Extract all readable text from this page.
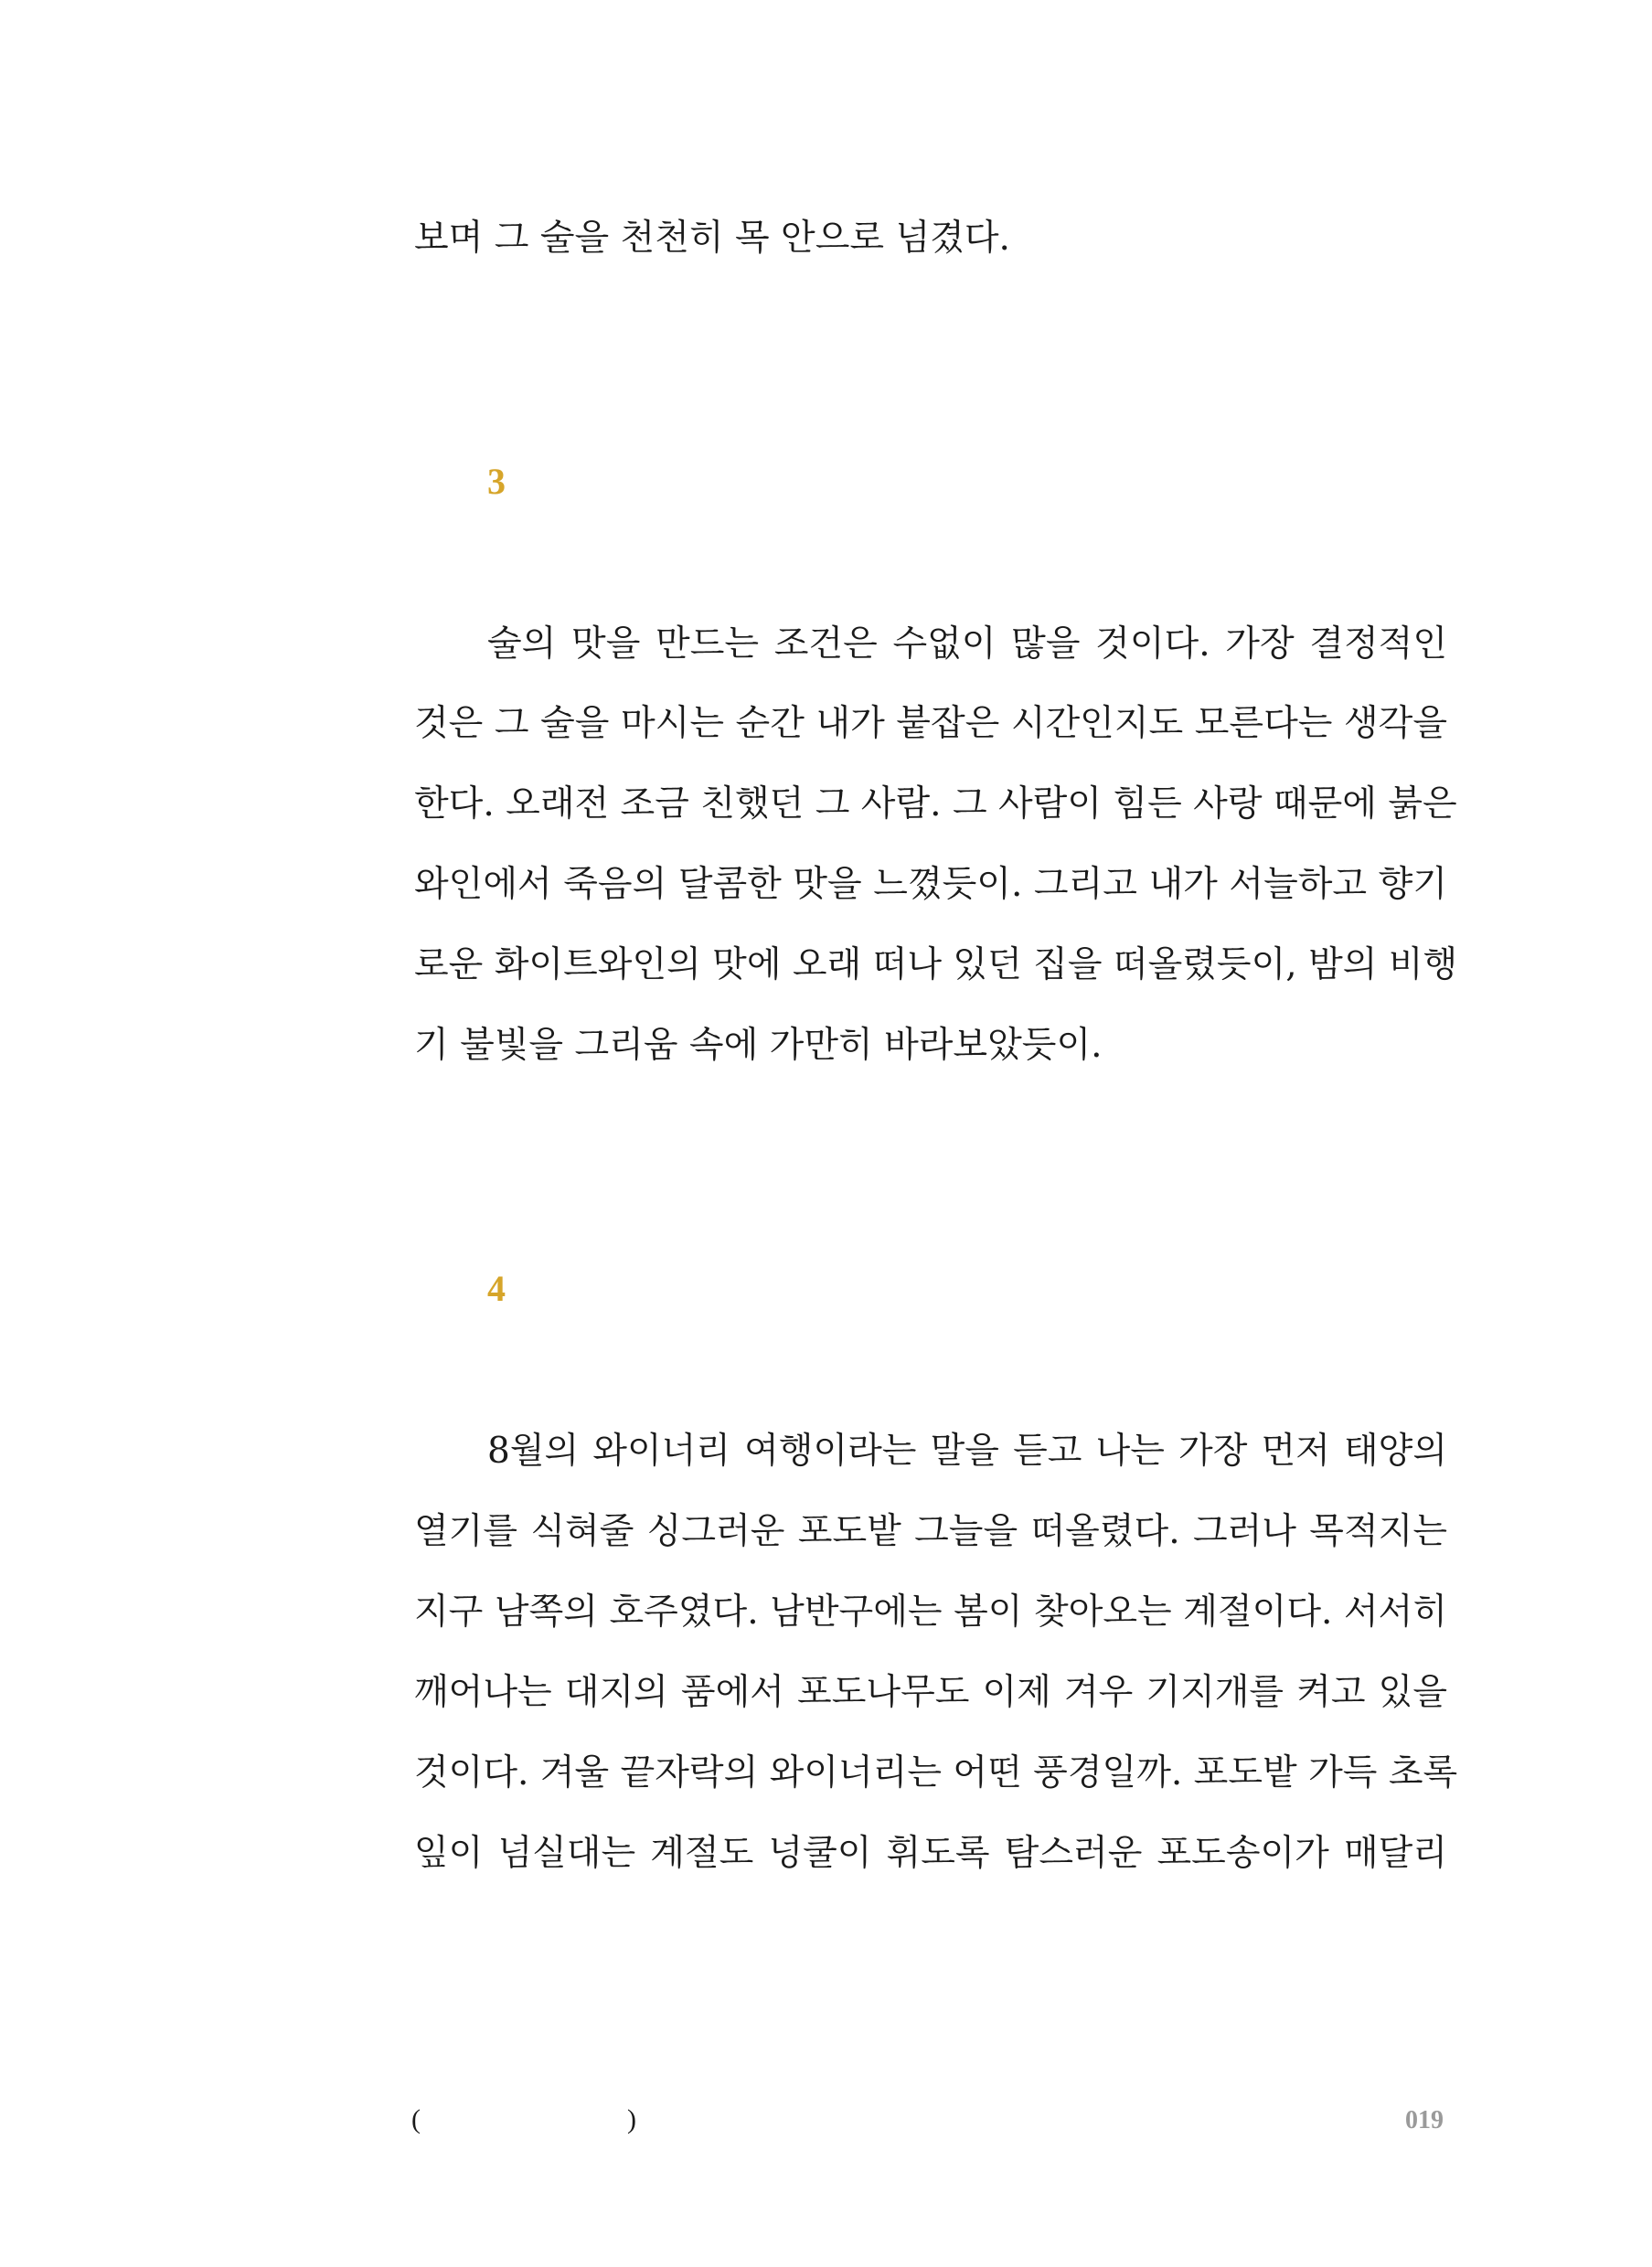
보며 그 술을 천천히 목 안으로 넘겼다.
3
술의 맛을 만드는 조건은 수없이 많을 것이다. 가장 결정적인
것은 그 술을 마시는 순간 내가 붙잡은 시간인지도 모른다는 생각을
한다. 오래전 조금 친했던 그 사람. 그 사람이 힘든 사랑 때문에 붉은
와인에서 죽음의 달콤한 맛을 느꼈듯이. 그리고 내가 서늘하고 향기
로운 화이트와인의 맛에 오래 떠나 있던 집을 떠올렸듯이, 밤의 비행
기 불빛을 그리움 속에 가만히 바라보았듯이.
4
8월의 와이너리 여행이라는 말을 듣고 나는 가장 먼저 태양의
열기를 식혀줄 싱그러운 포도밭 그늘을 떠올렸다. 그러나 목적지는
지구 남쪽의 호주였다. 남반구에는 봄이 찾아오는 계절이다. 서서히
깨어나는 대지의 품에서 포도나무도 이제 겨우 기지개를 켜고 있을
것이다. 겨울 끝자락의 와이너리는 어떤 풍경일까. 포도밭 가득 초록
잎이 넘실대는 계절도 넝쿨이 휘도록 탐스러운 포도송이가 매달리
(	)	019
